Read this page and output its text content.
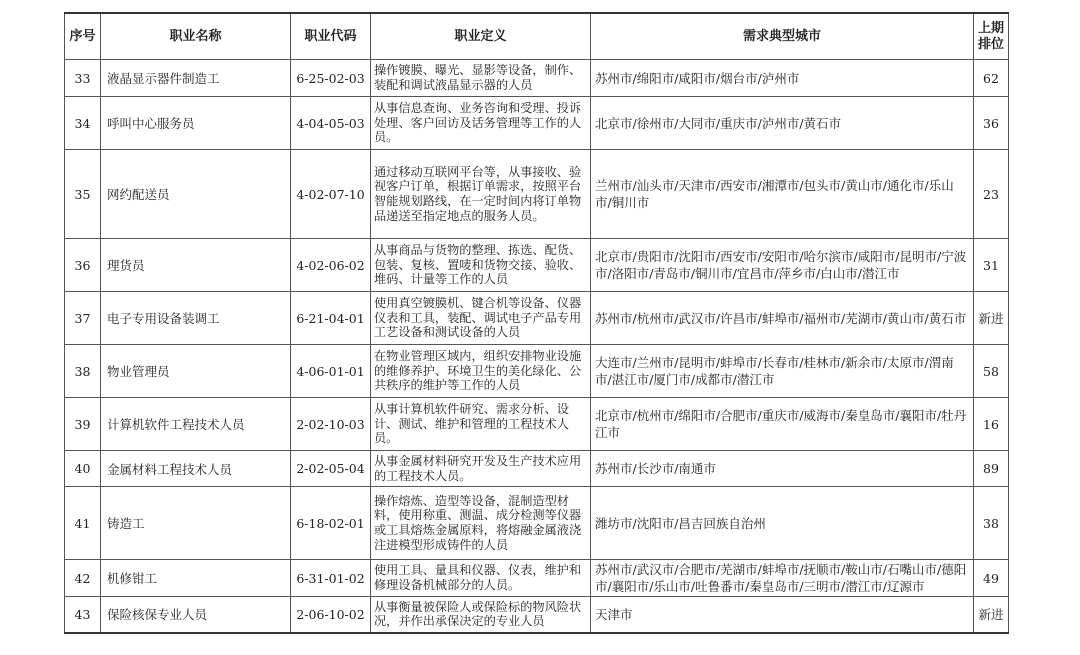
序号	职业名称	职业代码	职业定义	需求典型城市	上期
排位

33	液晶显示器件制造工	6-25-02-03	操作镀膜、曝光、显影等设备，制作、装配和调试液晶显示器的人员	苏州市/绵阳市/咸阳市/烟台市/泸州市	62

34	呼叫中心服务员	4-04-05-03	从事信息查询、业务咨询和受理、投诉处理、客户回访及话务管理等工作的人员。	北京市/徐州市/大同市/重庆市/泸州市/黄石市	36

35	网约配送员	4-02-07-10	通过移动互联网平台等，从事接收、验视客户订单，根据订单需求，按照平台智能规划路线，在一定时间内将订单物品递送至指定地点的服务人员。	兰州市/汕头市/天津市/西安市/湘潭市/包头市/黄山市/通化市/乐山市/铜川市	23

36	理货员	4-02-06-02	从事商品与货物的整理、拣选、配货、包装、复核、置唛和货物交接、验收、堆码、计量等工作的人员	北京市/贵阳市/沈阳市/西安市/安阳市/哈尔滨市/咸阳市/昆明市/宁波市/洛阳市/青岛市/铜川市/宜昌市/萍乡市/白山市/潜江市	31

37	电子专用设备装调工	6-21-04-01	使用真空镀膜机、键合机等设备、仪器仪表和工具，装配、调试电子产品专用工艺设备和测试设备的人员	苏州市/杭州市/武汉市/许昌市/蚌埠市/福州市/芜湖市/黄山市/黄石市	新进

38	物业管理员	4-06-01-01	在物业管理区域内，组织安排物业设施的维修养护、环境卫生的美化绿化、公共秩序的维护等工作的人员	大连市/兰州市/昆明市/蚌埠市/长春市/桂林市/新余市/太原市/渭南市/湛江市/厦门市/成都市/潜江市	58

39	计算机软件工程技术人员	2-02-10-03	从事计算机软件研究、需求分析、设计、测试、维护和管理的工程技术人员。	北京市/杭州市/绵阳市/合肥市/重庆市/威海市/秦皇岛市/襄阳市/牡丹江市	16

40	金属材料工程技术人员	2-02-05-04	从事金属材料研究开发及生产技术应用的工程技术人员。	苏州市/长沙市/南通市	89

41	铸造工	6-18-02-01	操作熔炼、造型等设备，混制造型材料，使用称重、测温、成分检测等仪器或工具熔炼金属原料，将熔融金属液浇注进模型形成铸件的人员	潍坊市/沈阳市/昌吉回族自治州	38

42	机修钳工	6-31-01-02	使用工具、量具和仪器、仪表，维护和修理设备机械部分的人员。	苏州市/武汉市/合肥市/芜湖市/蚌埠市/抚顺市/鞍山市/石嘴山市/德阳市/襄阳市/乐山市/吐鲁番市/秦皇岛市/三明市/潜江市/辽源市	49

43	保险核保专业人员	2-06-10-02	从事衡量被保险人或保险标的物风险状况，并作出承保决定的专业人员	天津市	新进
